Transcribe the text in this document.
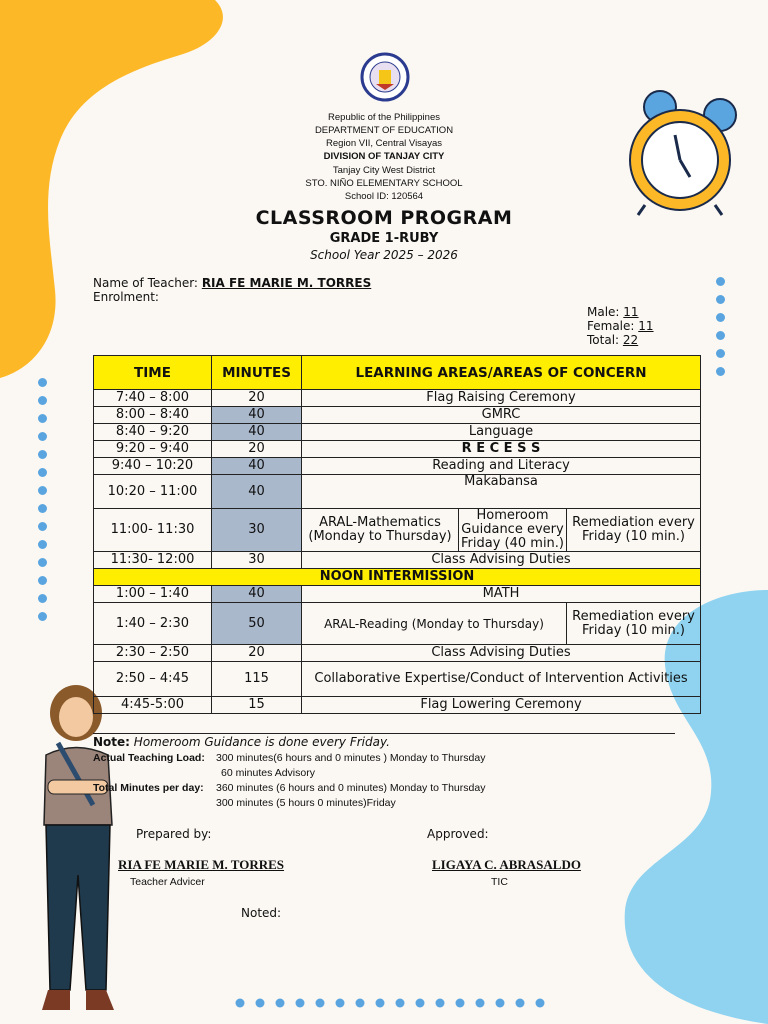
Republic of the Philippines
DEPARTMENT OF EDUCATION
Region VII, Central Visayas
DIVISION OF TANJAY CITY
Tanjay City West District
STO. NIÑO ELEMENTARY SCHOOL
School ID: 120564
CLASSROOM PROGRAM
GRADE 1-RUBY
School Year 2025 – 2026
Name of Teacher: RIA FE MARIE M. TORRES
Enrolment:
Male: 11
Female: 11
Total: 22
TIME	MINUTES	LEARNING AREAS/AREAS OF CONCERN		
7:40 – 8:00	20	Flag Raising Ceremony		
8:00 – 8:40	40	GMRC		
8:40 – 9:20	40	Language		
9:20 – 9:40	20	R E C E S S		
9:40 – 10:20	40	Reading and Literacy		
10:20 – 11:00	40	Makabansa		
11:00- 11:30	30	ARAL-Mathematics (Monday to Thursday)	Homeroom Guidance every Friday (40 min.)	Remediation every Friday (10 min.)
11:30- 12:00	30	Class Advising Duties		
NOON INTERMISSION				
1:00 – 1:40	40	MATH		
1:40 – 2:30	50	ARAL-Reading (Monday to Thursday)		Remediation every Friday (10 min.)
2:30 – 2:50	20	Class Advising Duties		
2:50 – 4:45	115	Collaborative Expertise/Conduct of Intervention Activities		
4:45-5:00	15	Flag Lowering Ceremony		
Note: Homeroom Guidance is done every Friday.
Actual Teaching Load: 300 minutes(6 hours and 0 minutes ) Monday to Thursday
60 minutes Advisory
Total Minutes per day: 360 minutes (6 hours and 0 minutes) Monday to Thursday
300 minutes (5 hours 0 minutes)Friday
Prepared by:	Approved:
RIA FE MARIE M. TORRES
Teacher Advicer
LIGAYA C. ABRASALDO
TIC
Noted:
